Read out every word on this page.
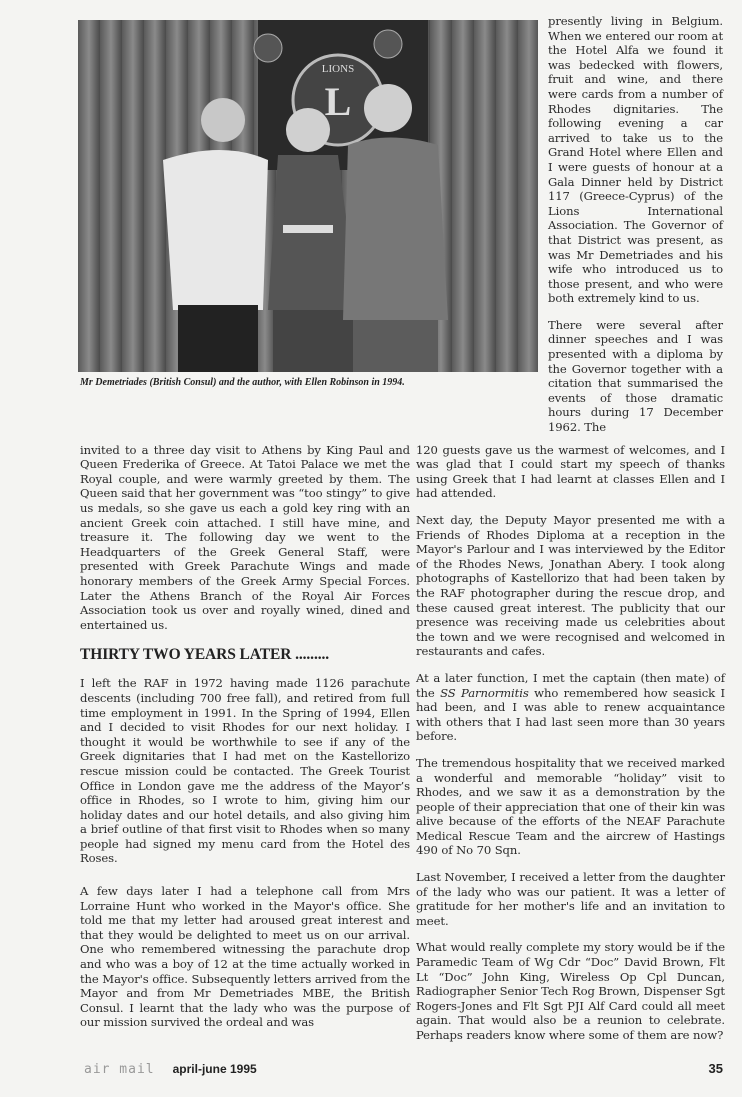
L
LIONS
Mr Demetriades (British Consul) and the author, with Ellen Robinson in 1994.

presently living in Belgium. When we entered our room at the Hotel Alfa we found it was bedecked with flowers, fruit and wine, and there were cards from a number of Rhodes dignitaries. The following evening a car arrived to take us to the Grand Hotel where Ellen and I were guests of honour at a Gala Dinner held by District 117 (Greece-Cyprus) of the Lions International Association. The Governor of that District was present, as was Mr Demetriades and his wife who introduced us to those present, and who were both extremely kind to us.

There were several after dinner speeches and I was presented with a diploma by the Governor together with a citation that summarised the events of those dramatic hours during 17 December 1962. The

invited to a three day visit to Athens by King Paul and Queen Frederika of Greece. At Tatoi Palace we met the Royal couple, and were warmly greeted by them. The Queen said that her government was “too stingy” to give us medals, so she gave us each a gold key ring with an ancient Greek coin attached. I still have mine, and treasure it. The following day we went to the Headquarters of the Greek General Staff, were presented with Greek Parachute Wings and made honorary members of the Greek Army Special Forces. Later the Athens Branch of the Royal Air Forces Association took us over and royally wined, dined and entertained us.

THIRTY TWO YEARS LATER .........

I left the RAF in 1972 having made 1126 parachute descents (including 700 free fall), and retired from full time employment in 1991. In the Spring of 1994, Ellen and I decided to visit Rhodes for our next holiday. I thought it would be worthwhile to see if any of the Greek dignitaries that I had met on the Kastellorizo rescue mission could be contacted. The Greek Tourist Office in London gave me the address of the Mayor’s office in Rhodes, so I wrote to him, giving him our holiday dates and our hotel details, and also giving him a brief outline of that first visit to Rhodes when so many people had signed my menu card from the Hotel des Roses.

A few days later I had a telephone call from Mrs Lorraine Hunt who worked in the Mayor's office. She told me that my letter had aroused great interest and that they would be delighted to meet us on our arrival. One who remembered witnessing the parachute drop and who was a boy of 12 at the time actually worked in the Mayor's office. Subsequently letters arrived from the Mayor and from Mr Demetriades MBE, the British Consul. I learnt that the lady who was the purpose of our mission survived the ordeal and was

120 guests gave us the warmest of welcomes, and I was glad that I could start my speech of thanks using Greek that I had learnt at classes Ellen and I had attended.

Next day, the Deputy Mayor presented me with a Friends of Rhodes Diploma at a reception in the Mayor's Parlour and I was interviewed by the Editor of the Rhodes News, Jonathan Abery. I took along photographs of Kastellorizo that had been taken by the RAF photographer during the rescue drop, and these caused great interest. The publicity that our presence was receiving made us celebrities about the town and we were recognised and welcomed in restaurants and cafes.

At a later function, I met the captain (then mate) of the SS Parnormitis who remembered how seasick I had been, and I was able to renew acquaintance with others that I had last seen more than 30 years before.

The tremendous hospitality that we received marked a wonderful and memorable “holiday” visit to Rhodes, and we saw it as a demonstration by the people of their appreciation that one of their kin was alive because of the efforts of the NEAF Parachute Medical Rescue Team and the aircrew of Hastings 490 of No 70 Sqn.

Last November, I received a letter from the daughter of the lady who was our patient. It was a letter of gratitude for her mother's life and an invitation to meet.

What would really complete my story would be if the Paramedic Team of Wg Cdr “Doc” David Brown, Flt Lt “Doc” John King, Wireless Op Cpl Duncan, Radiographer Senior Tech Rog Brown, Dispenser Sgt Rogers-Jones and Flt Sgt PJI Alf Card could all meet again. That would also be a reunion to celebrate. Perhaps readers know where some of them are now?

air mail april-june 1995	35
